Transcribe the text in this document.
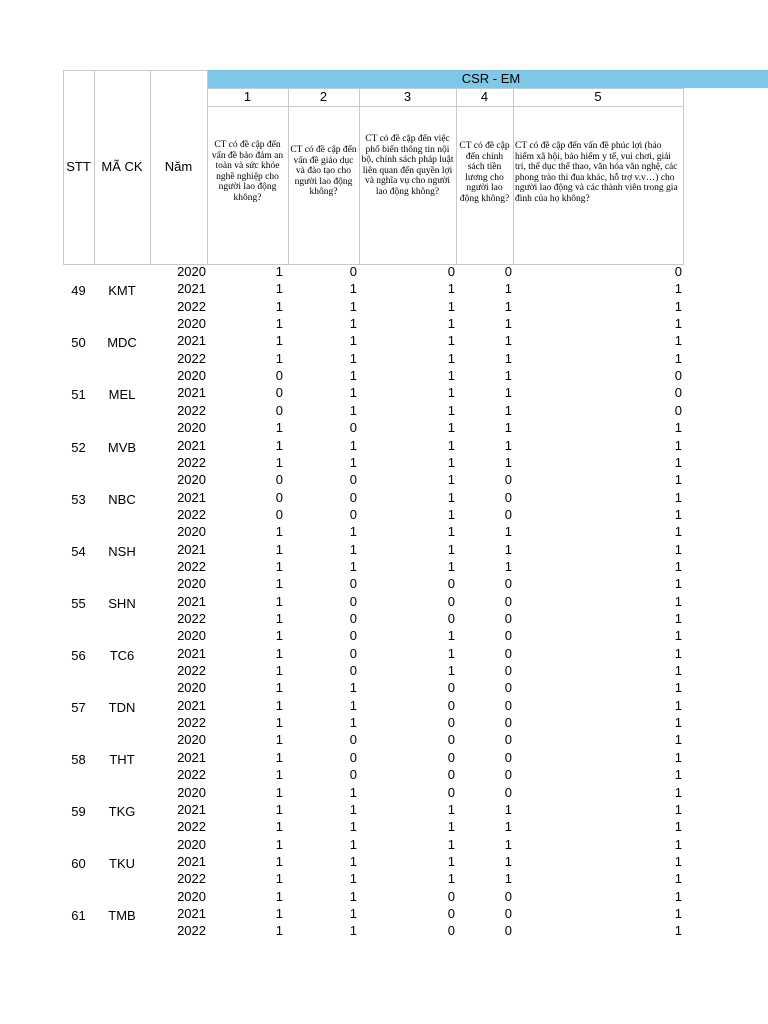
CSR - EM
STT MÃ CK	Năm
1
CT có đề cập đến vấn đề bảo đảm an toàn và sức khỏe nghề nghiệp cho người lao động không?
2
CT có đề cập đến vấn đề giáo dục và đào tạo cho người lao động không?
3
CT có đề cập đến việc phổ biến thông tin nội bộ, chính sách pháp luật liên quan đến quyền lợi và nghĩa vụ cho người lao động không?
4
CT có đề cập đến chính sách tiền lương cho người lao động không?
5
CT có đề cập đến vấn đề phúc lợi (bảo hiểm xã hội, bảo hiểm y tế, vui chơi, giải trí, thể dục thể thao, văn hóa văn nghệ, các phong trào thi đua khác, hỗ trợ v.v…) cho người lao động và các thành viên trong gia đình của họ không?
49	KMT
2020	1	0	0	0	0
2021	1	1	1	1	1
2022	1	1	1	1	1
50	MDC
2020	1	1	1	1	1
2021	1	1	1	1	1
2022	1	1	1	1	1
51	MEL
2020	0	1	1	1	0
2021	0	1	1	1	0
2022	0	1	1	1	0
52	MVB
2020	1	0	1	1	1
2021	1	1	1	1	1
2022	1	1	1	1	1
53	NBC
2020	0	0	1	0	1
2021	0	0	1	0	1
2022	0	0	1	0	1
54	NSH
2020	1	1	1	1	1
2021	1	1	1	1	1
2022	1	1	1	1	1
55	SHN
2020	1	0	0	0	1
2021	1	0	0	0	1
2022	1	0	0	0	1
56	TC6
2020	1	0	1	0	1
2021	1	0	1	0	1
2022	1	0	1	0	1
57	TDN
2020	1	1	0	0	1
2021	1	1	0	0	1
2022	1	1	0	0	1
58	THT
2020	1	0	0	0	1
2021	1	0	0	0	1
2022	1	0	0	0	1
59	TKG
2020	1	1	0	0	1
2021	1	1	1	1	1
2022	1	1	1	1	1
60	TKU
2020	1	1	1	1	1
2021	1	1	1	1	1
2022	1	1	1	1	1
61	TMB
2020	1	1	0	0	1
2021	1	1	0	0	1
2022	1	1	0	0	1
